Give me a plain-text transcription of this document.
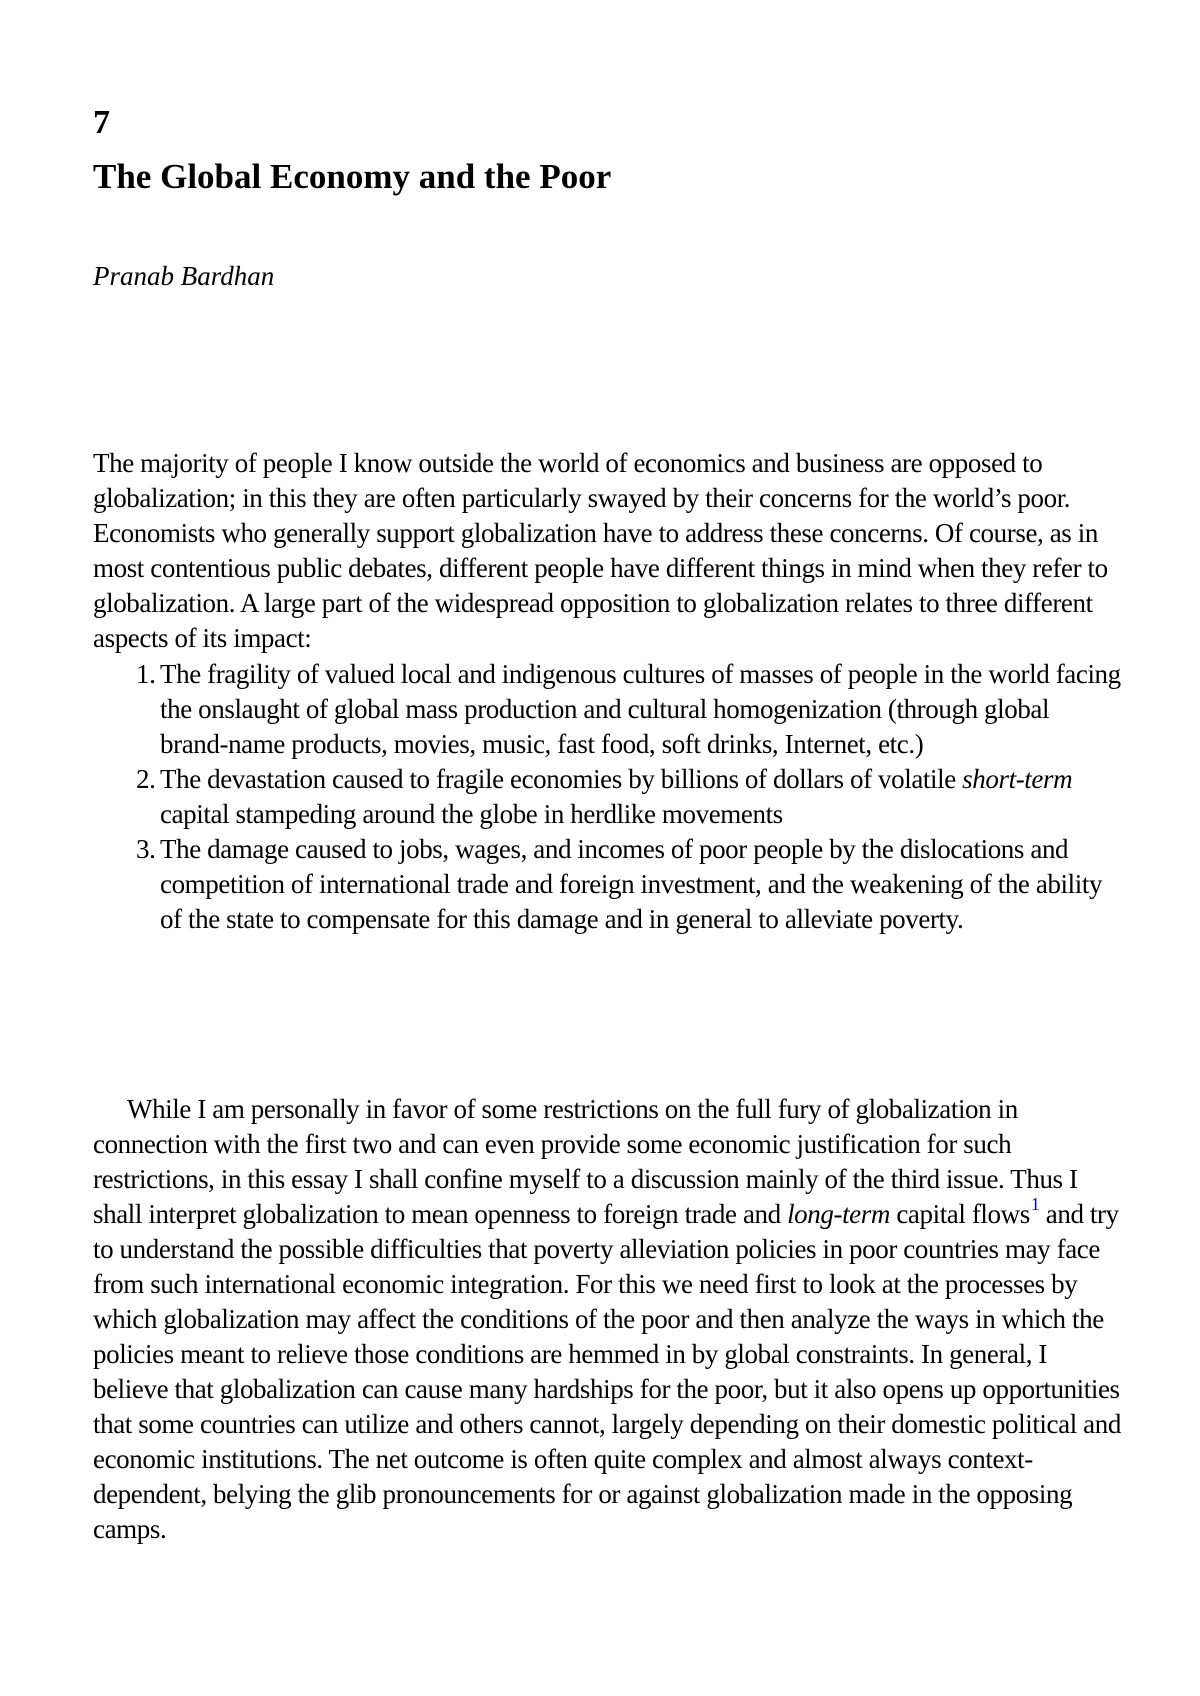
7
The Global Economy and the Poor
Pranab Bardhan

The majority of people I know outside the world of economics and business are opposed to globalization; in this they are often particularly swayed by their concerns for the world’s poor. Economists who generally support globalization have to address these concerns. Of course, as in most contentious public debates, different people have different things in mind when they refer to globalization. A large part of the widespread opposition to globalization relates to three different aspects of its impact:

1. The fragility of valued local and indigenous cultures of masses of people in the world facing the onslaught of global mass production and cultural homogenization (through global brand-name products, movies, music, fast food, soft drinks, Internet, etc.)
2. The devastation caused to fragile economies by billions of dollars of volatile short-term capital stampeding around the globe in herdlike movements
3. The damage caused to jobs, wages, and incomes of poor people by the dislocations and competition of international trade and foreign investment, and the weakening of the ability of the state to compensate for this damage and in general to alleviate poverty.

While I am personally in favor of some restrictions on the full fury of globalization in connection with the first two and can even provide some economic justification for such restrictions, in this essay I shall confine myself to a discussion mainly of the third issue. Thus I shall interpret globalization to mean openness to foreign trade and long-term capital flows$^1$ and try to understand the possible difficulties that poverty alleviation policies in poor countries may face from such international economic integration. For this we need first to look at the processes by which globalization may affect the conditions of the poor and then analyze the ways in which the policies meant to relieve those conditions are hemmed in by global constraints. In general, I believe that globalization can cause many hardships for the poor, but it also opens up opportunities that some countries can utilize and others cannot, largely depending on their domestic political and economic institutions. The net outcome is often quite complex and almost always context-dependent, belying the glib pronouncements for or against globalization made in the opposing camps.
